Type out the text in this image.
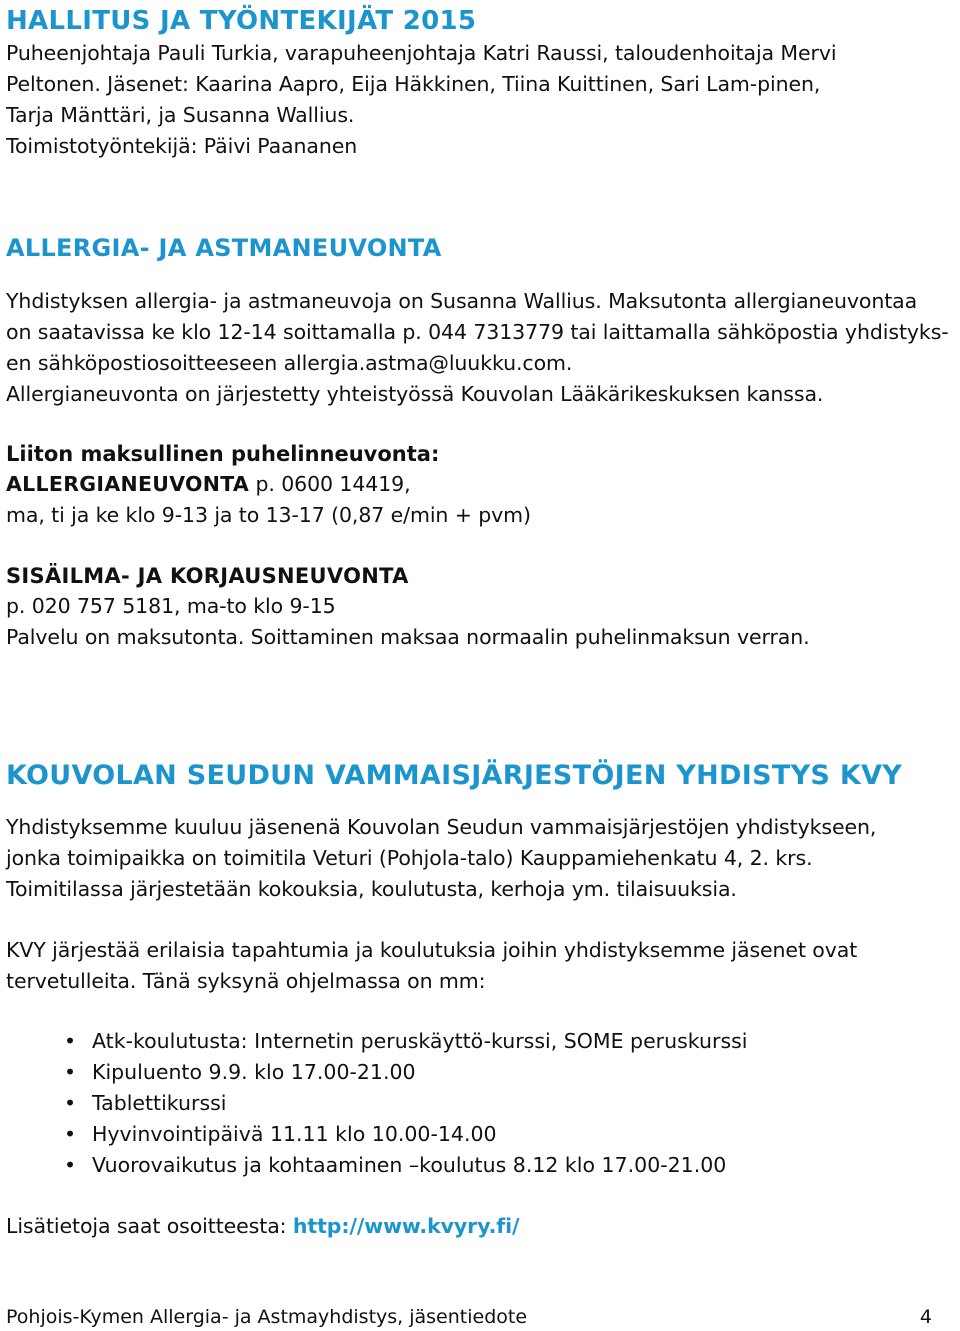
HALLITUS JA TYÖNTEKIJÄT 2015

Puheenjohtaja Pauli Turkia, varapuheenjohtaja Katri Raussi, taloudenhoitaja Mervi
Peltonen. Jäsenet: Kaarina Aapro, Eija Häkkinen, Tiina Kuittinen, Sari Lam-pinen,
Tarja Mänttäri, ja Susanna Wallius.
Toimistotyöntekijä: Päivi Paananen

ALLERGIA- JA ASTMANEUVONTA

Yhdistyksen allergia- ja astmaneuvoja on Susanna Wallius. Maksutonta allergianeuvontaa
on saatavissa ke klo 12-14 soittamalla p. 044 7313779 tai laittamalla sähköpostia yhdistyks-
en sähköpostiosoitteeseen allergia.astma@luukku.com.
Allergianeuvonta on järjestetty yhteistyössä Kouvolan Lääkärikeskuksen kanssa.

Liiton maksullinen puhelinneuvonta:

ALLERGIANEUVONTA p. 0600 14419,
ma, ti ja ke klo 9-13 ja to 13-17 (0,87 e/min + pvm)

SISÄILMA- JA KORJAUSNEUVONTA

p. 020 757 5181, ma-to klo 9-15
Palvelu on maksutonta. Soittaminen maksaa normaalin puhelinmaksun verran.

KOUVOLAN SEUDUN VAMMAISJÄRJESTÖJEN YHDISTYS KVY

Yhdistyksemme kuuluu jäsenenä Kouvolan Seudun vammaisjärjestöjen yhdistykseen,
jonka toimipaikka on toimitila Veturi (Pohjola-talo) Kauppamiehenkatu 4, 2. krs.
Toimitilassa järjestetään kokouksia, koulutusta, kerhoja ym. tilaisuuksia.

KVY järjestää erilaisia tapahtumia ja koulutuksia joihin yhdistyksemme jäsenet ovat
tervetulleita. Tänä syksynä ohjelmassa on mm:

• Atk-koulutusta: Internetin peruskäyttö-kurssi, SOME peruskurssi
• Kipuluento 9.9. klo 17.00-21.00
• Tablettikurssi
• Hyvinvointipäivä 11.11 klo 10.00-14.00
• Vuorovaikutus ja kohtaaminen –koulutus 8.12 klo 17.00-21.00

Lisätietoja saat osoitteesta: http://www.kvyry.fi/

Pohjois-Kymen Allergia- ja Astmayhdistys, jäsentiedote	4
